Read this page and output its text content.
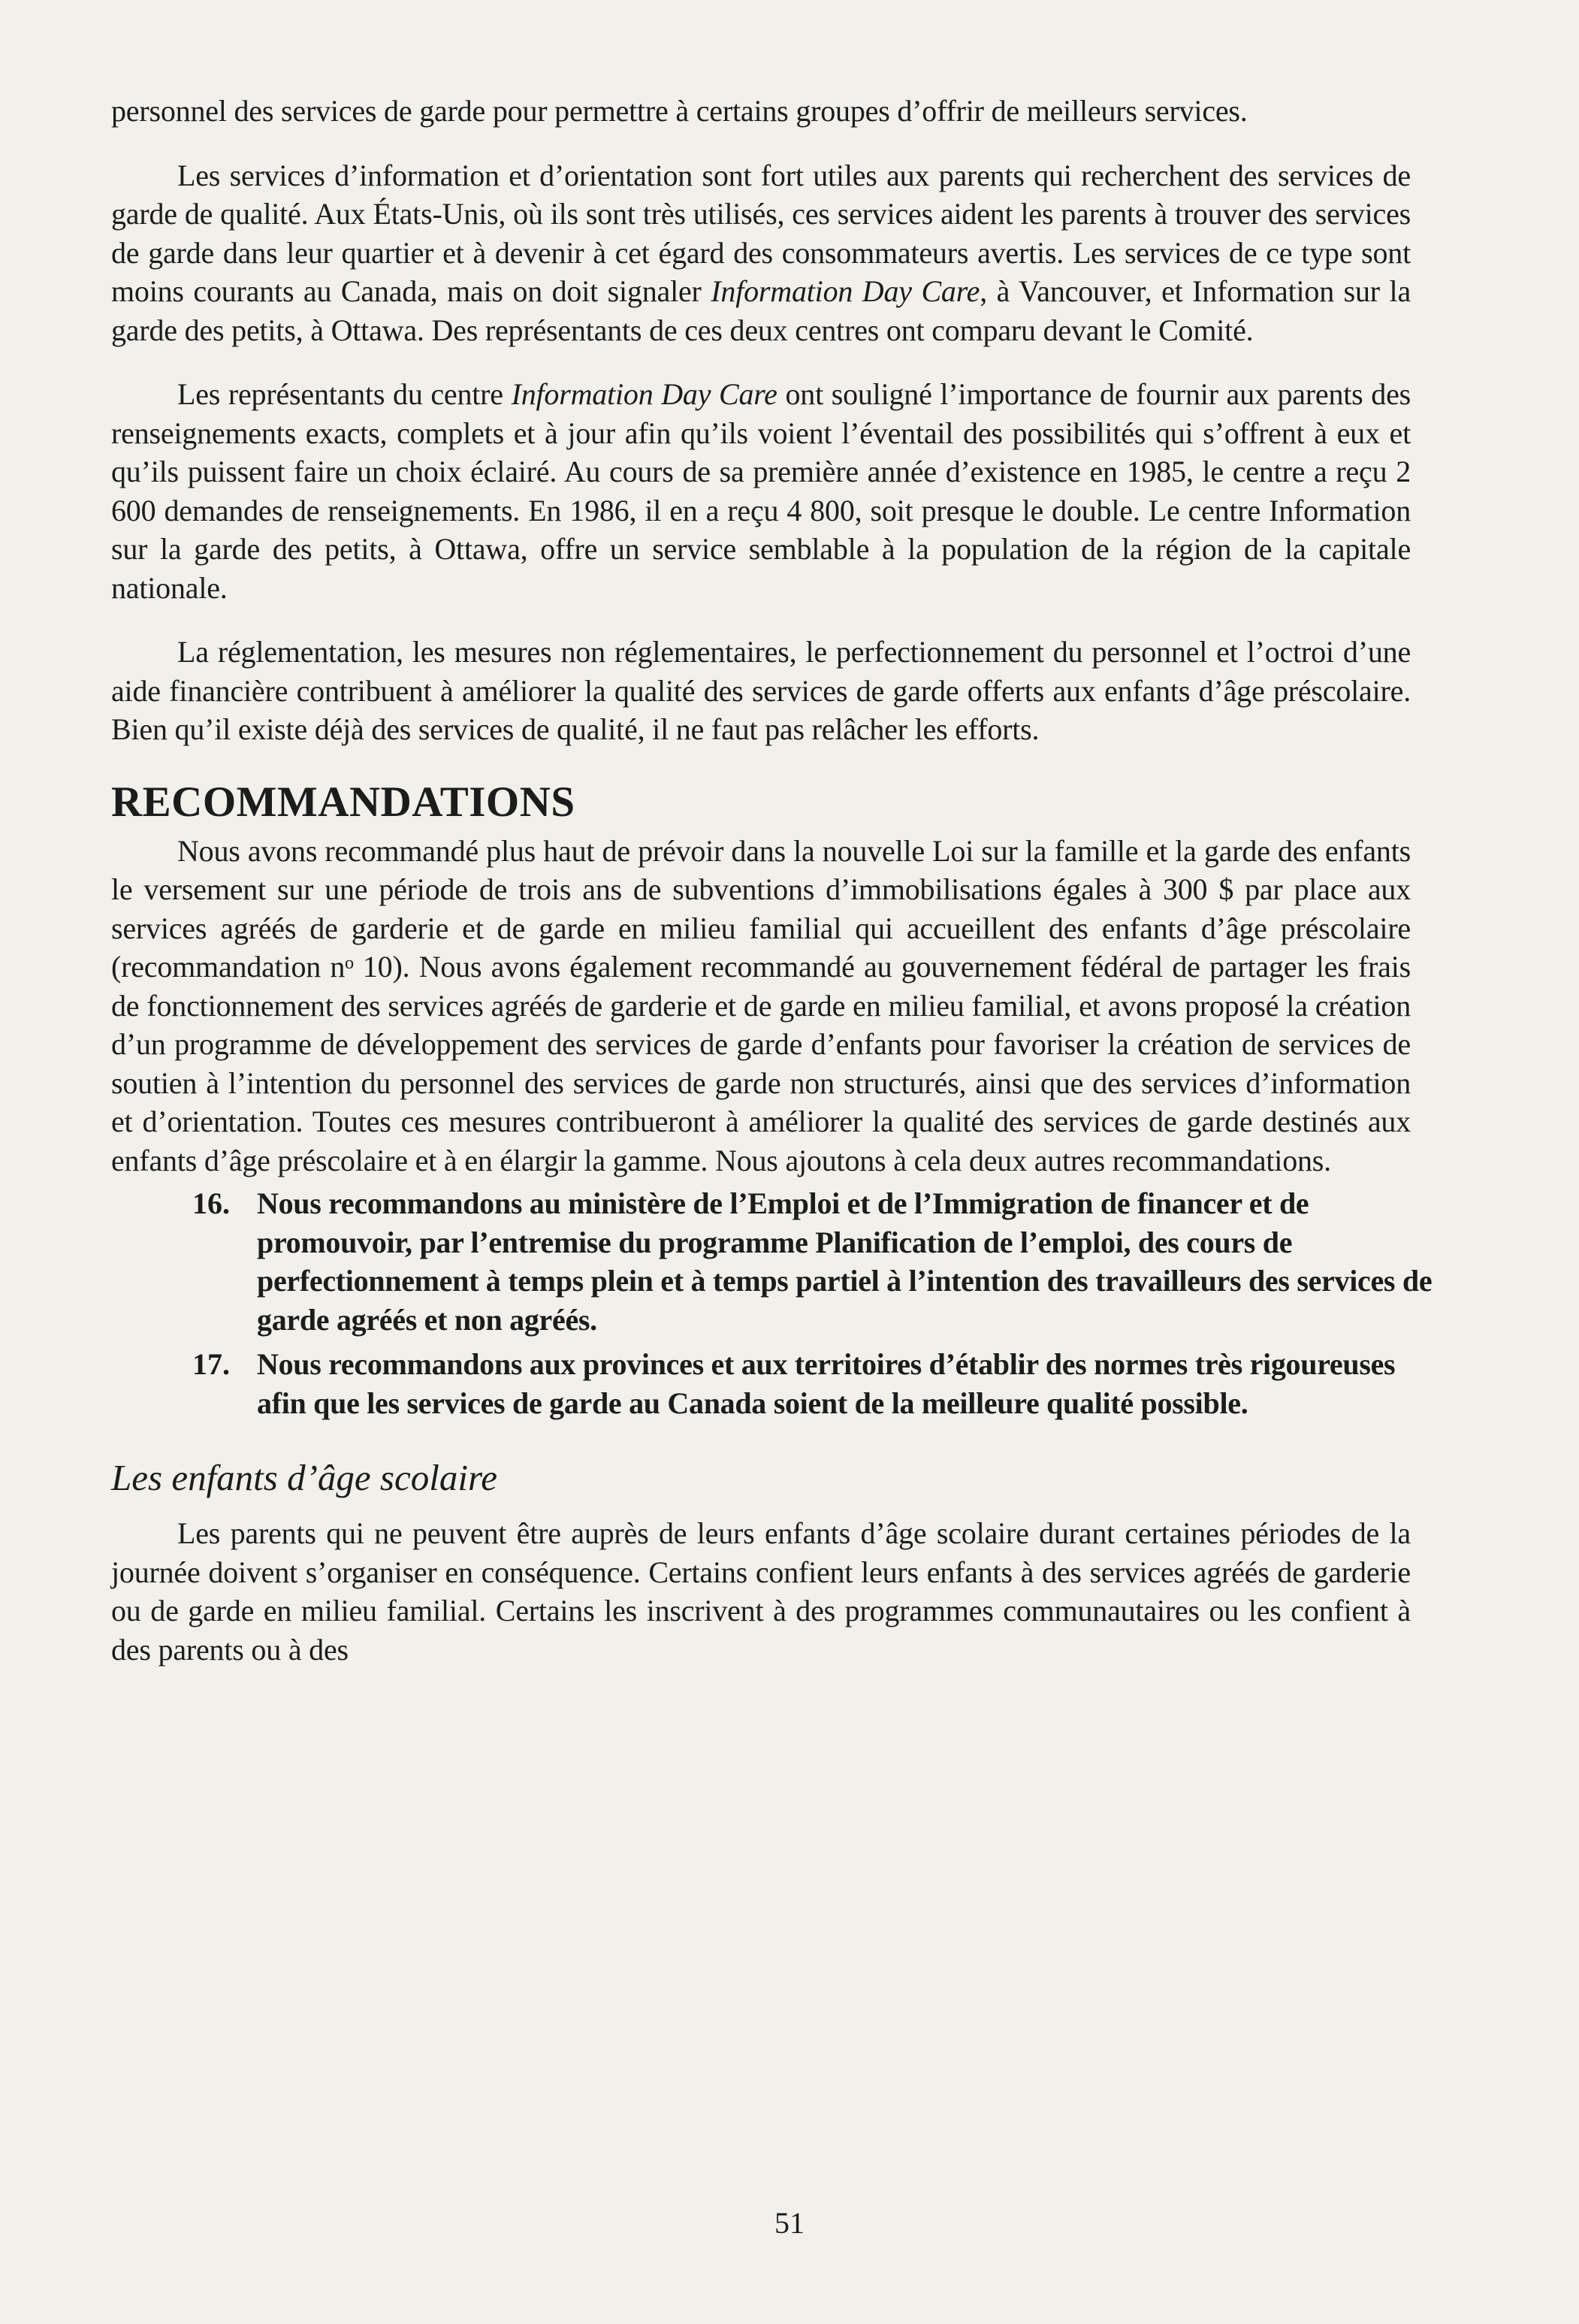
personnel des services de garde pour permettre à certains groupes d’offrir de meilleurs services.

Les services d’information et d’orientation sont fort utiles aux parents qui recherchent des services de garde de qualité. Aux États-Unis, où ils sont très utilisés, ces services aident les parents à trouver des services de garde dans leur quartier et à devenir à cet égard des consommateurs avertis. Les services de ce type sont moins courants au Canada, mais on doit signaler Information Day Care, à Vancouver, et Information sur la garde des petits, à Ottawa. Des représentants de ces deux centres ont comparu devant le Comité.

Les représentants du centre Information Day Care ont souligné l’importance de fournir aux parents des renseignements exacts, complets et à jour afin qu’ils voient l’éventail des possibilités qui s’offrent à eux et qu’ils puissent faire un choix éclairé. Au cours de sa première année d’existence en 1985, le centre a reçu 2 600 demandes de renseignements. En 1986, il en a reçu 4 800, soit presque le double. Le centre Information sur la garde des petits, à Ottawa, offre un service semblable à la population de la région de la capitale nationale.

La réglementation, les mesures non réglementaires, le perfectionnement du personnel et l’octroi d’une aide financière contribuent à améliorer la qualité des services de garde offerts aux enfants d’âge préscolaire. Bien qu’il existe déjà des services de qualité, il ne faut pas relâcher les efforts.

RECOMMANDATIONS

Nous avons recommandé plus haut de prévoir dans la nouvelle Loi sur la famille et la garde des enfants le versement sur une période de trois ans de subventions d’immobilisations égales à 300 $ par place aux services agréés de garderie et de garde en milieu familial qui accueillent des enfants d’âge préscolaire (recommandation nᵒ 10). Nous avons également recommandé au gouvernement fédéral de partager les frais de fonctionnement des services agréés de garderie et de garde en milieu familial, et avons proposé la création d’un programme de développement des services de garde d’enfants pour favoriser la création de services de soutien à l’intention du personnel des services de garde non structurés, ainsi que des services d’information et d’orientation. Toutes ces mesures contribueront à améliorer la qualité des services de garde destinés aux enfants d’âge préscolaire et à en élargir la gamme. Nous ajoutons à cela deux autres recommandations.

16. Nous recommandons au ministère de l’Emploi et de l’Immigration de financer et de promouvoir, par l’entremise du programme Planification de l’emploi, des cours de perfectionnement à temps plein et à temps partiel à l’intention des travailleurs des services de garde agréés et non agréés.
17. Nous recommandons aux provinces et aux territoires d’établir des normes très rigoureuses afin que les services de garde au Canada soient de la meilleure qualité possible.
Les enfants d’âge scolaire

Les parents qui ne peuvent être auprès de leurs enfants d’âge scolaire durant certaines périodes de la journée doivent s’organiser en conséquence. Certains confient leurs enfants à des services agréés de garderie ou de garde en milieu familial. Certains les inscrivent à des programmes communautaires ou les confient à des parents ou à des

51
